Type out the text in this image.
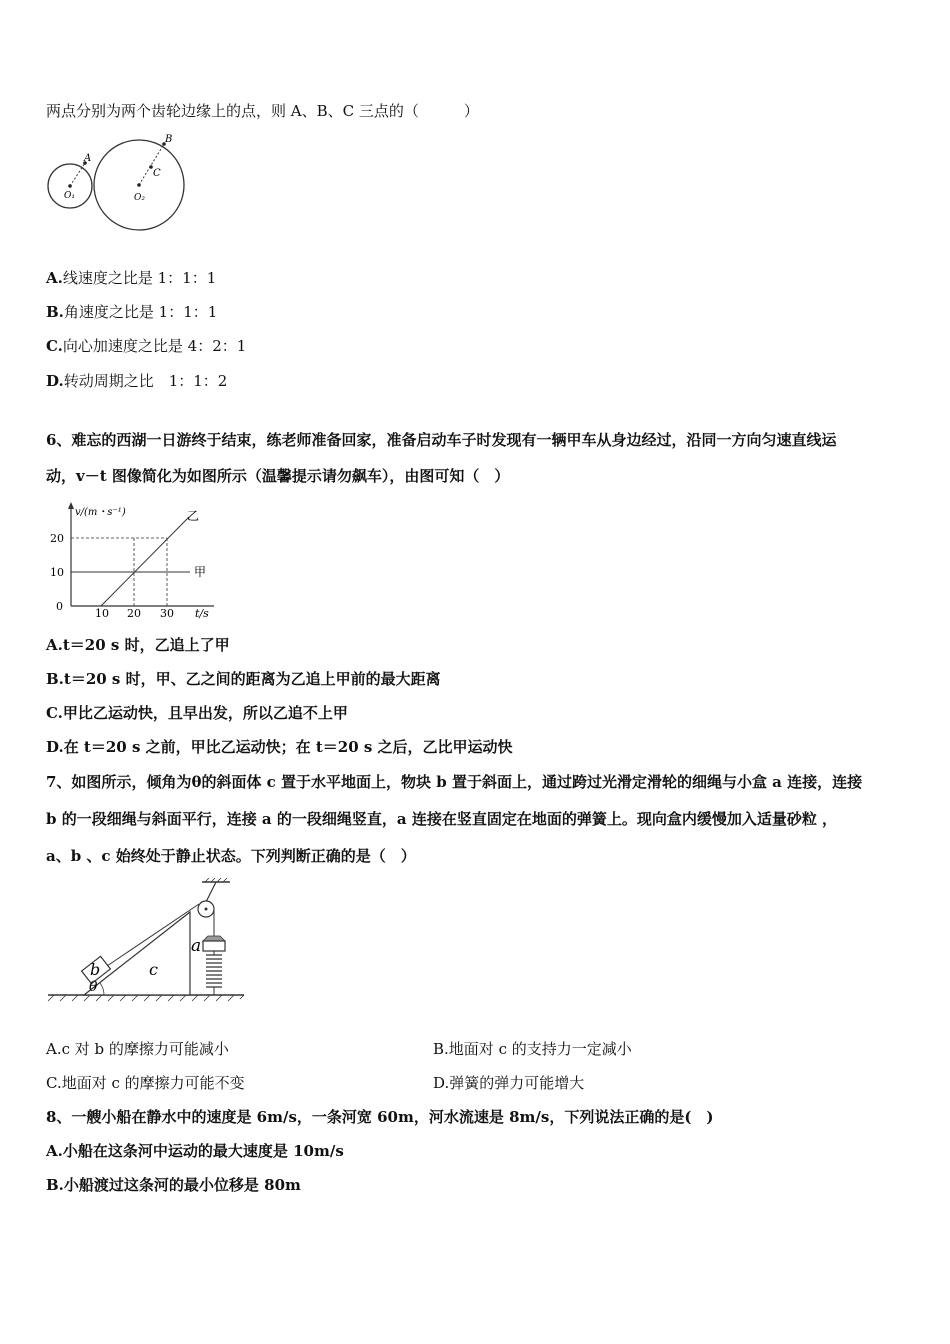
两点分别为两个齿轮边缘上的点，则 A、B、C 三点的（　　　）
A
B
C
O₁	O₂
A.线速度之比是 1：1：1
B.角速度之比是 1：1：1
C.向心加速度之比是 4：2：1
D.转动周期之比　1：1：2
6、难忘的西湖一日游终于结束，练老师准备回家，准备启动车子时发现有一辆甲车从身边经过，沿同一方向匀速直线运
动，v－t 图像简化为如图所示（温馨提示请勿飙车），由图可知（　）
v/(m・s⁻¹)
t/s
20
10
0
10 20 30
甲
乙
A.t＝20 s 时，乙追上了甲
B.t＝20 s 时，甲、乙之间的距离为乙追上甲前的最大距离
C.甲比乙运动快，且早出发，所以乙追不上甲
D.在 t＝20 s 之前，甲比乙运动快；在 t＝20 s 之后，乙比甲运动快
7、如图所示，倾角为θ的斜面体 c 置于水平地面上，物块 b 置于斜面上，通过跨过光滑定滑轮的细绳与小盒 a 连接，连接
b 的一段细绳与斜面平行，连接 a 的一段细绳竖直，a 连接在竖直固定在地面的弹簧上。现向盒内缓慢加入适量砂粒 ，
a、b 、c 始终处于静止状态。下列判断正确的是（　）
a
b	c
θ
A.c 对 b 的摩擦力可能减小	B.地面对 c 的支持力一定减小
C.地面对 c 的摩擦力可能不变	D.弹簧的弹力可能增大
8、一艘小船在静水中的速度是 6m/s，一条河宽 60m，河水流速是 8m/s，下列说法正确的是(　)
A.小船在这条河中运动的最大速度是 10m/s
B.小船渡过这条河的最小位移是 80m
